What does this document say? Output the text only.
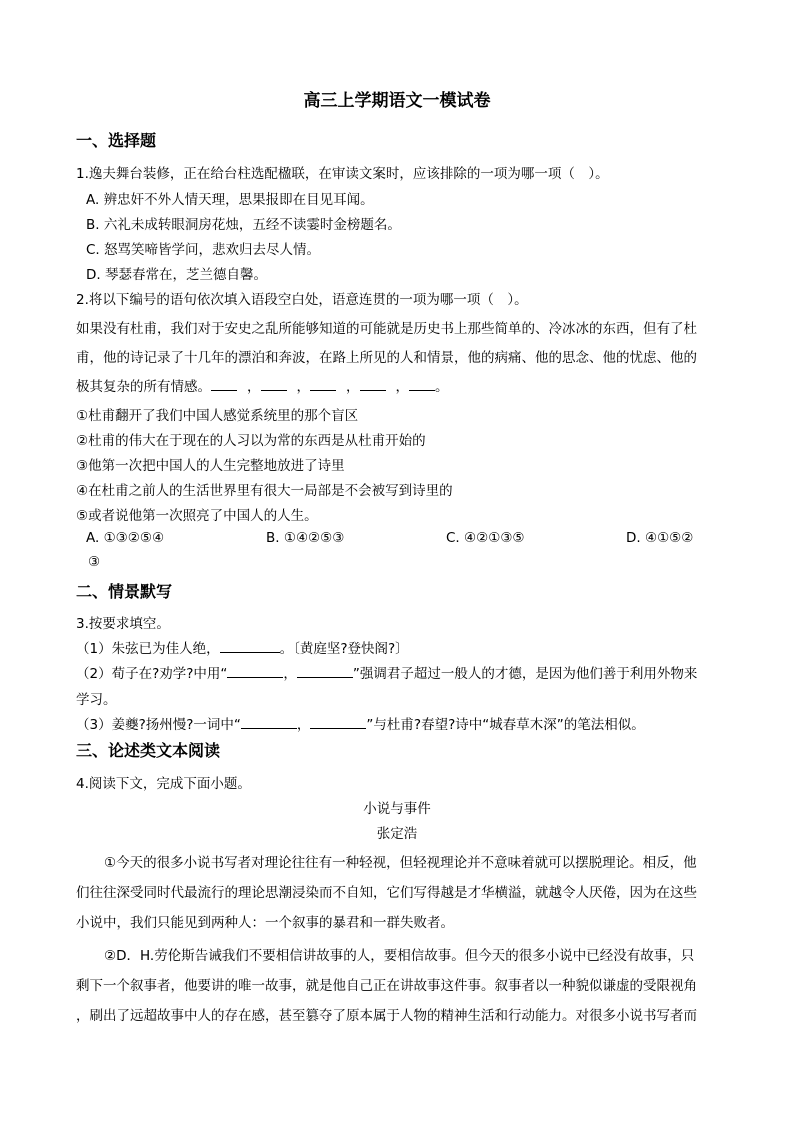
高三上学期语文一模试卷
一、选择题
1.逸夫舞台装修，正在给台柱选配楹联，在审读文案时，应该排除的一项为哪一项（　）。
A. 辨忠奸不外人情天理，思果报即在目见耳闻。
B. 六礼未成转眼洞房花烛，五经不读霎时金榜题名。
C. 怒骂笑啼皆学问，悲欢归去尽人情。
D. 琴瑟春常在，芝兰德自馨。
2.将以下编号的语句依次填入语段空白处，语意连贯的一项为哪一项（　）。
如果没有杜甫，我们对于安史之乱所能够知道的可能就是历史书上那些简单的、冷冰冰的东西，但有了杜
甫，他的诗记录了十几年的漂泊和奔波，在路上所见的人和情景，他的病痛、他的思念、他的忧虑、他的
极其复杂的所有情感。	，	，	，	， 。
①杜甫翻开了我们中国人感觉系统里的那个盲区
②杜甫的伟大在于现在的人习以为常的东西是从杜甫开始的
③他第一次把中国人的人生完整地放进了诗里
④在杜甫之前人的生活世界里有很大一局部是不会被写到诗里的
⑤或者说他第一次照亮了中国人的人生。
A. ①③②⑤④	B. ①④②⑤③	C. ④②①③⑤	D. ④①⑤②
③
二、情景默写
3.按要求填空。
（1）朱弦已为佳人绝，	。〔黄庭坚?登快阁?〕
（2）荀子在?劝学?中用“	，	”强调君子超过一般人的才德，是因为他们善于利用外物来
学习。
（3）姜夔?扬州慢?一词中“	，	”与杜甫?春望?诗中“城春草木深”的笔法相似。
三、论述类文本阅读
4.阅读下文，完成下面小题。
小说与事件
张定浩
①今天的很多小说书写者对理论往往有一种轻视，但轻视理论并不意味着就可以摆脱理论。相反，他
们往往深受同时代最流行的理论思潮浸染而不自知，它们写得越是才华横溢，就越令人厌倦，因为在这些
小说中，我们只能见到两种人：一个叙事的暴君和一群失败者。
②D．H.劳伦斯告诫我们不要相信讲故事的人，要相信故事。但今天的很多小说中已经没有故事，只
剩下一个叙事者，他要讲的唯一故事，就是他自己正在讲故事这件事。叙事者以一种貌似谦虚的受限视角
，刷出了远超故事中人的存在感，甚至篡夺了原本属于人物的精神生活和行动能力。对很多小说书写者而
